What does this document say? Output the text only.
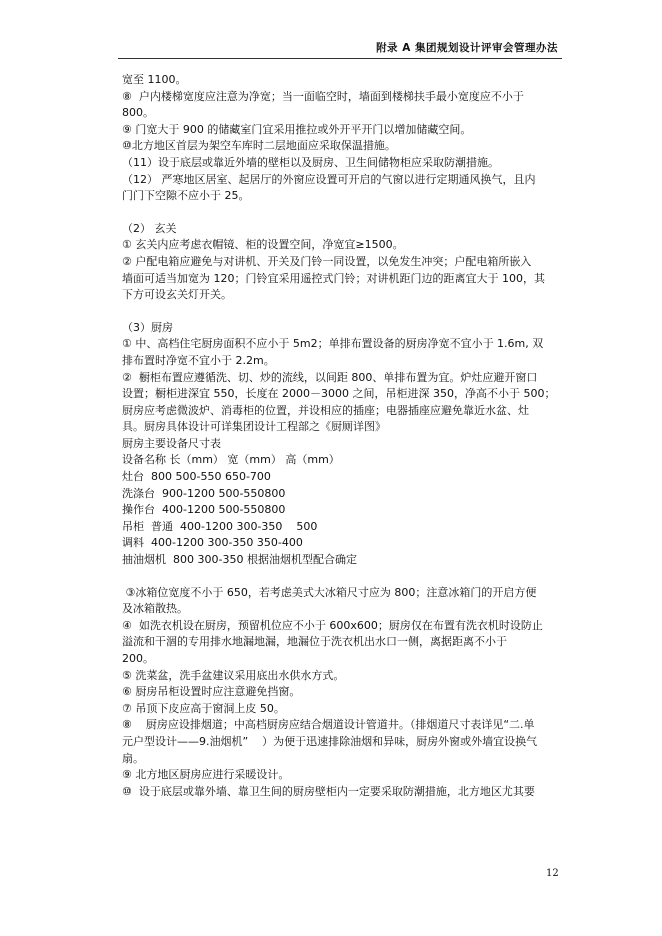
附录 A 集团规划设计评审会管理办法

宽至 1100。

⑧  户内楼梯宽度应注意为净宽；当一面临空时，墙面到楼梯扶手最小宽度应不小于

800。

⑨ 门宽大于 900 的储藏室门宜采用推拉或外开平开门以增加储藏空间。

⑩北方地区首层为架空车库时二层地面应采取保温措施。

（11）设于底层或靠近外墙的壁柜以及厨房、卫生间储物柜应采取防潮措施。

（12） 严寒地区居室、起居厅的外窗应设置可开启的气窗以进行定期通风换气，且内

门门下空隙不应小于 25。

（2） 玄关

① 玄关内应考虑衣帽镜、柜的设置空间，净宽宜≥1500。

② 户配电箱应避免与对讲机、开关及门铃一同设置，以免发生冲突；户配电箱所嵌入

墙面可适当加宽为 120；门铃宜采用遥控式门铃；对讲机距门边的距离宜大于 100，其

下方可设玄关灯开关。

（3）厨房

① 中、高档住宅厨房面积不应小于 5m2；单排布置设备的厨房净宽不宜小于 1.6m, 双

排布置时净宽不宜小于 2.2m。

②  橱柜布置应遵循洗、切、炒的流线，以间距 800、单排布置为宜。炉灶应避开窗口

设置；橱柜进深宜 550，长度在 2000－3000 之间，吊柜进深 350，净高不小于 500；

厨房应考虑微波炉、消毒柜的位置，并设相应的插座；电器插座应避免靠近水盆、灶

具。厨房具体设计可详集团设计工程部之《厨厕详图》

厨房主要设备尺寸表

设备名称 长（mm） 宽（mm） 高（mm）

灶台  800 500-550 650-700

洗涤台  900-1200 500-550800

操作台  400-1200 500-550800

吊柜  普通  400-1200 300-350    500

调料  400-1200 300-350 350-400

抽油烟机  800 300-350 根据油烟机型配合确定

③冰箱位宽度不小于 650，若考虑美式大冰箱尺寸应为 800；注意冰箱门的开启方便

及冰箱散热。

④  如洗衣机设在厨房，预留机位应不小于 600x600；厨房仅在布置有洗衣机时设防止

溢流和干涸的专用排水地漏地漏，地漏位于洗衣机出水口一侧，离据距离不小于

200。

⑤ 洗菜盆，洗手盆建议采用底出水供水方式。

⑥ 厨房吊柜设置时应注意避免挡窗。

⑦ 吊顶下皮应高于窗洞上皮 50。

⑧    厨房应设排烟道；中高档厨房应结合烟道设计管道井。（排烟道尺寸表详见“二.单

元户型设计——9.油烟机”    ）为便于迅速排除油烟和异味，厨房外窗或外墙宜设换气

扇。

⑨ 北方地区厨房应进行采暖设计。

⑩  设于底层或靠外墙、靠卫生间的厨房壁柜内一定要采取防潮措施，北方地区尤其要

12
